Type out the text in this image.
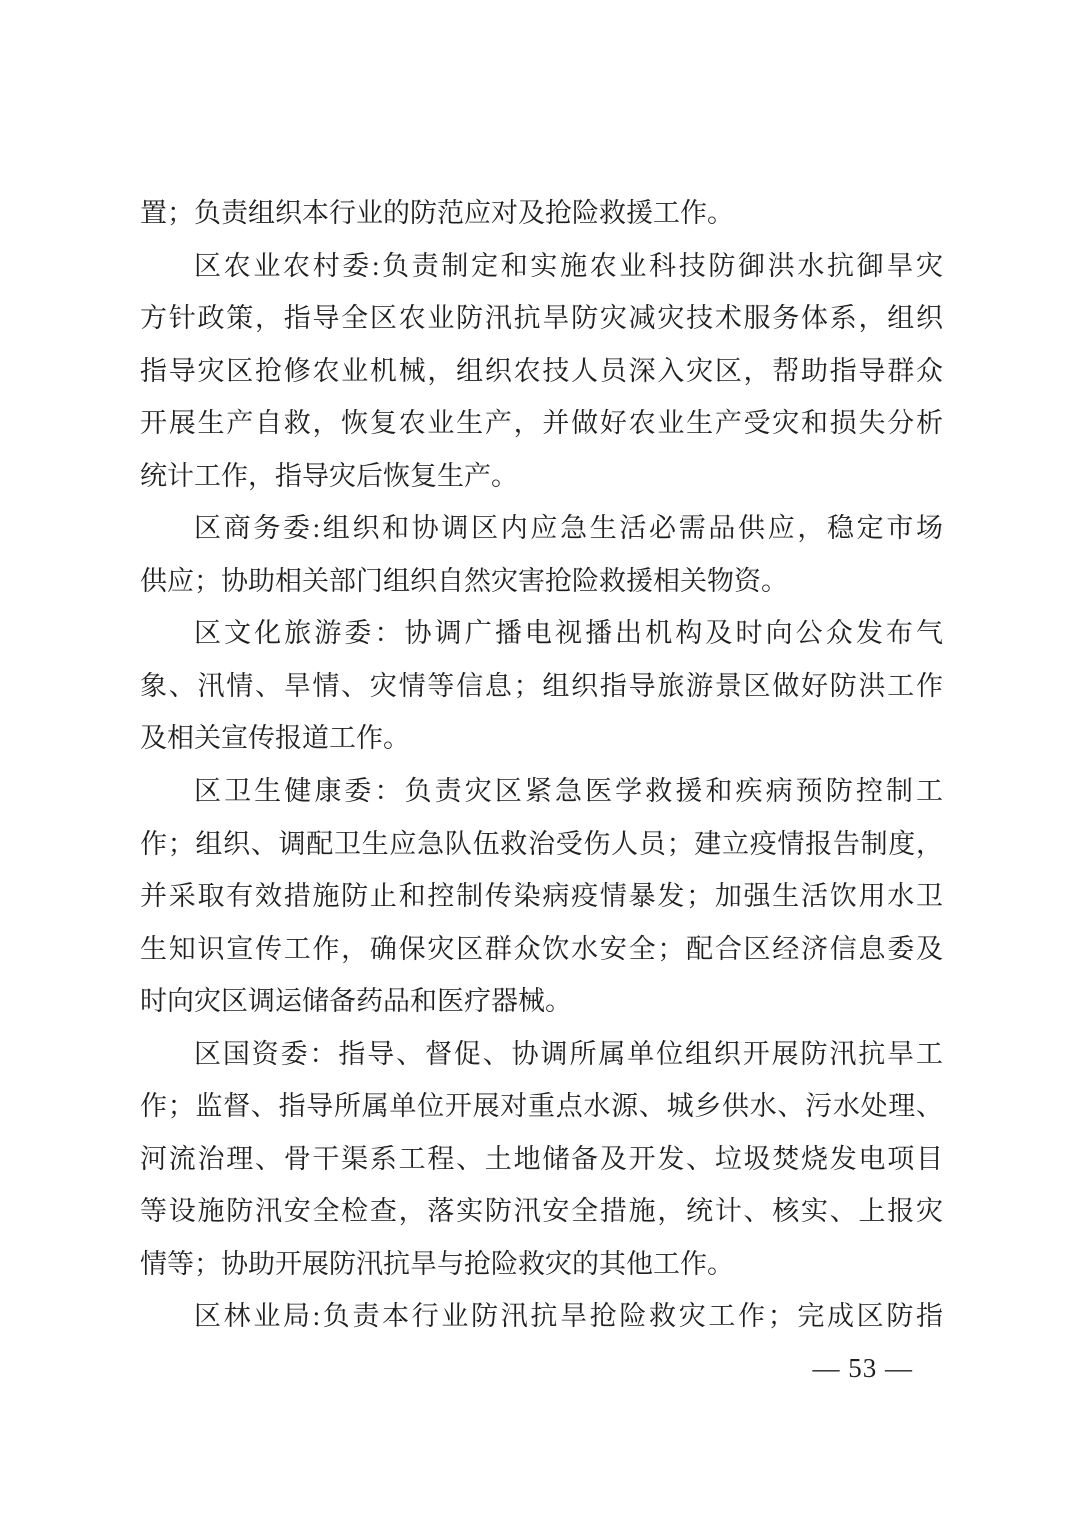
置；负责组织本行业的防范应对及抢险救援工作。
区农业农村委:负责制定和实施农业科技防御洪水抗御旱灾
方针政策，指导全区农业防汛抗旱防灾减灾技术服务体系，组织
指导灾区抢修农业机械，组织农技人员深入灾区，帮助指导群众
开展生产自救，恢复农业生产，并做好农业生产受灾和损失分析
统计工作，指导灾后恢复生产。
区商务委:组织和协调区内应急生活必需品供应，稳定市场
供应；协助相关部门组织自然灾害抢险救援相关物资。
区文化旅游委：协调广播电视播出机构及时向公众发布气
象、汛情、旱情、灾情等信息；组织指导旅游景区做好防洪工作
及相关宣传报道工作。
区卫生健康委：负责灾区紧急医学救援和疾病预防控制工
作；组织、调配卫生应急队伍救治受伤人员；建立疫情报告制度，
并采取有效措施防止和控制传染病疫情暴发；加强生活饮用水卫
生知识宣传工作，确保灾区群众饮水安全；配合区经济信息委及
时向灾区调运储备药品和医疗器械。
区国资委：指导、督促、协调所属单位组织开展防汛抗旱工
作；监督、指导所属单位开展对重点水源、城乡供水、污水处理、
河流治理、骨干渠系工程、土地储备及开发、垃圾焚烧发电项目
等设施防汛安全检查，落实防汛安全措施，统计、核实、上报灾
情等；协助开展防汛抗旱与抢险救灾的其他工作。
区林业局:负责本行业防汛抗旱抢险救灾工作；完成区防指
— 53 —
